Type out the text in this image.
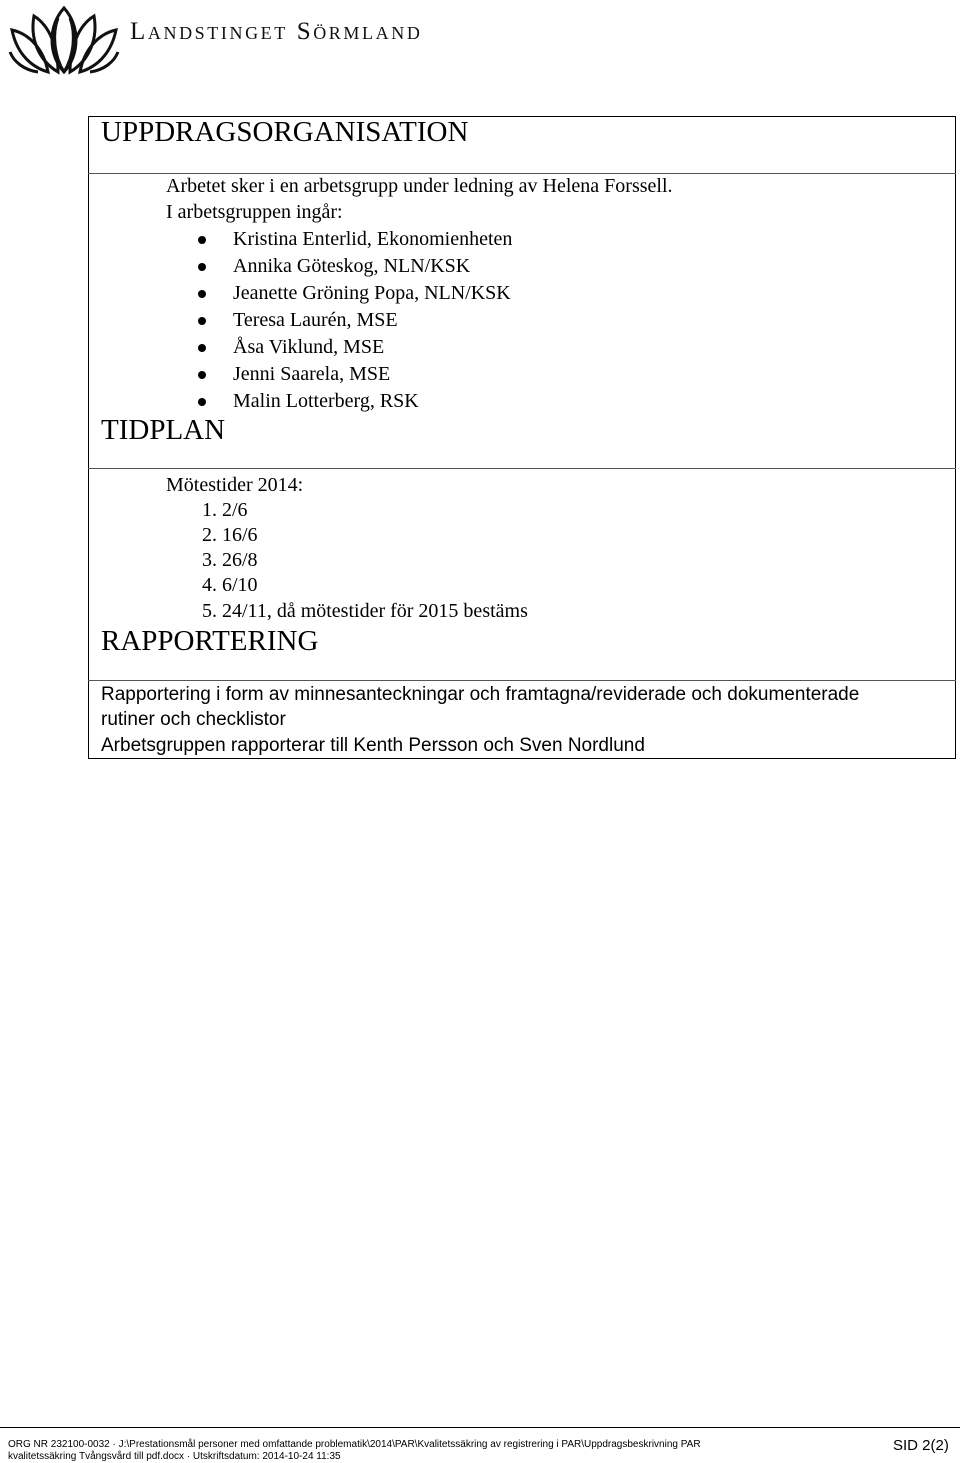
Landstinget Sörmland
UPPDRAGSORGANISATION
Arbetet sker i en arbetsgrupp under ledning av Helena Forssell.
I arbetsgruppen ingår:
Kristina Enterlid, Ekonomienheten
Annika Göteskog, NLN/KSK
Jeanette Gröning Popa, NLN/KSK
Teresa Laurén, MSE
Åsa Viklund, MSE
Jenni Saarela, MSE
Malin Lotterberg, RSK
TIDPLAN
Mötestider 2014:
1. 2/6
2. 16/6
3. 26/8
4. 6/10
5. 24/11, då mötestider för 2015 bestäms
RAPPORTERING
Rapportering i form av minnesanteckningar och framtagna/reviderade och dokumenterade
rutiner och checklistor
Arbetsgruppen rapporterar till Kenth Persson och Sven Nordlund
ORG NR 232100-0032 · J:\Prestationsmål personer med omfattande problematik\2014\PAR\Kvalitetssäkring av registrering i PAR\Uppdragsbeskrivning PAR
kvalitetssäkring Tvångsvård till pdf.docx · Utskriftsdatum: 2014-10-24 11:35
SID 2(2)
